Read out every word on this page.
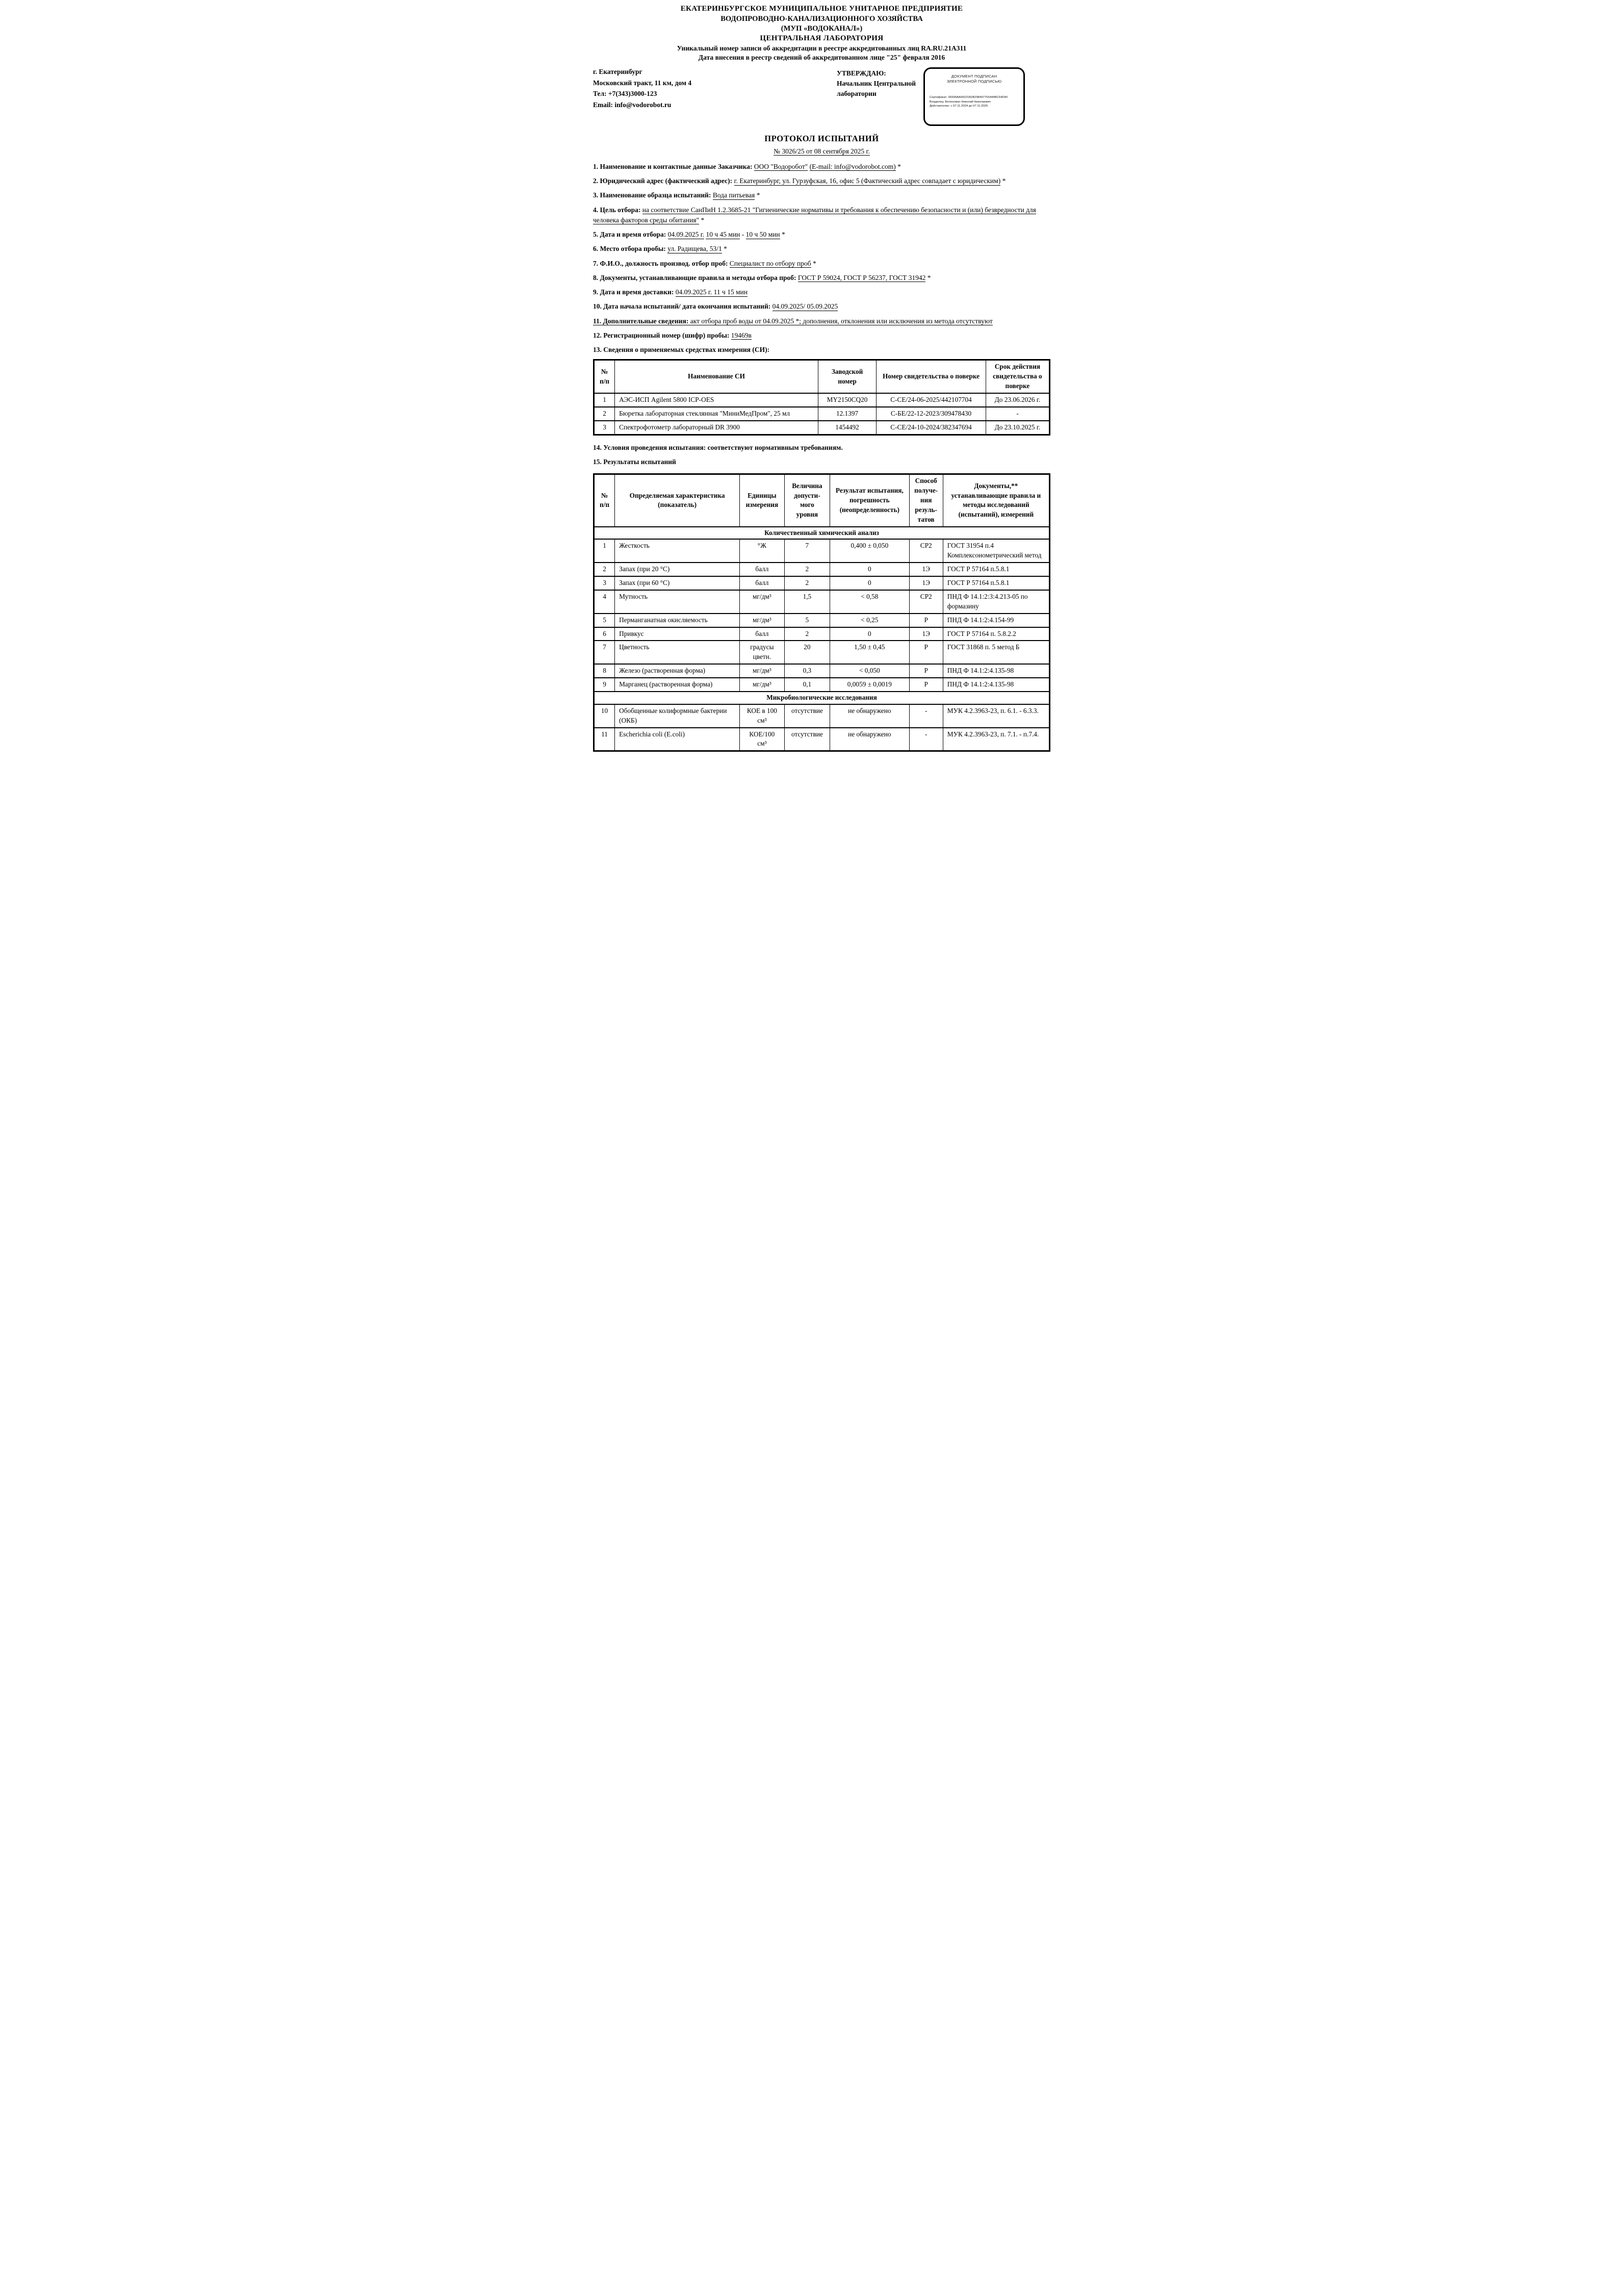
ЕКАТЕРИНБУРГСКОЕ МУНИЦИПАЛЬНОЕ УНИТАРНОЕ ПРЕДПРИЯТИЕ
ВОДОПРОВОДНО-КАНАЛИЗАЦИОННОГО ХОЗЯЙСТВА
(МУП «ВОДОКАНАЛ»)
ЦЕНТРАЛЬНАЯ ЛАБОРАТОРИЯ
Уникальный номер записи об аккредитации в реестре аккредитованных лиц RA.RU.21А311
Дата внесения в реестр сведений об аккредитованном лице "25" февраля 2016
г. Екатеринбург
Московский тракт, 11 км, дом 4
Тел: +7(343)3000-123
Email: info@vodorobot.ru
УТВЕРЖДАЮ:
Начальник Центральной
лаборатории
ДОКУМЕНТ ПОДПИСАН
ЭЛЕКТРОННОЙ ПОДПИСЬЮ
Сертификат: 05999AA00021B2B298497755444BC54D40
Владелец: Белоножко Николай Николаевич
Действителен: с 07.11.2024 до 07.11.2025
ПРОТОКОЛ ИСПЫТАНИЙ
№ 3026/25 от 08 сентября 2025 г.

1. Наименование и контактные данные Заказчика: ООО "Водоробот" (E-mail: info@vodorobot.com) *

2. Юридический адрес (фактический адрес): г. Екатеринбург, ул. Гурзуфская, 16, офис 5 (Фактический адрес совпадает с юридическим) *

3. Наименование образца испытаний: Вода питьевая *

4. Цель отбора: на соответствие СанПиН 1.2.3685-21 "Гигиенические нормативы и требования к обеспечению безопасности и (или) безвредности для человека факторов среды обитания" *

5. Дата и время отбора: 04.09.2025 г. 10 ч 45 мин - 10 ч 50 мин *

6. Место отбора пробы: ул. Радищева, 53/1 *

7. Ф.И.О., должность производ. отбор проб: Специалист по отбору проб *

8. Документы, устанавливающие правила и методы отбора проб: ГОСТ Р 59024, ГОСТ Р 56237, ГОСТ 31942 *

9. Дата и время доставки: 04.09.2025 г. 11 ч 15 мин

10. Дата начала испытаний/ дата окончания испытаний: 04.09.2025/ 05.09.2025

11. Дополнительные сведения: акт отбора проб воды от 04.09.2025 *; дополнения, отклонения или исключения из метода отсутствуют

12. Регистрационный номер (шифр) пробы: 19469в

13. Сведения о применяемых средствах измерения (СИ):

№ п/п	Наименование СИ	Заводской номер	Номер свидетельства о поверке	Срок действия свидетельства о поверке
1	АЭС-ИСП Agilent 5800 ICP-OES	MY2150CQ20	С-СЕ/24-06-2025/442107704	До 23.06.2026 г.
2	Бюретка лабораторная стеклянная "МиниМедПром", 25 мл	12.1397	С-БЕ/22-12-2023/309478430	-
3	Спектрофотометр лабораторный DR 3900	1454492	С-СЕ/24-10-2024/382347694	До 23.10.2025 г.

14. Условия проведения испытания: соответствуют нормативным требованиям.

15. Результаты испытаний

№ п/п	Определяемая характеристика (показатель)	Единицы измерения	Величина допусти-мого уровня	Результат испытания, погрешность (неопределенность)	Способ получе-ния резуль-татов	Документы,** устанавливающие правила и методы исследований (испытаний), измерений
Количественный химический анализ						
1	Жесткость	°Ж	7	0,400 ± 0,050	СР2	ГОСТ 31954 п.4 Комплексонометрический метод
2	Запах (при 20 °С)	балл	2	0	1Э	ГОСТ Р 57164 п.5.8.1
3	Запах (при 60 °С)	балл	2	0	1Э	ГОСТ Р 57164 п.5.8.1
4	Мутность	мг/дм³	1,5	< 0,58	СР2	ПНД Ф 14.1:2:3:4.213-05 по формазину
5	Перманганатная окисляемость	мг/дм³	5	< 0,25	Р	ПНД Ф 14.1:2:4.154-99
6	Привкус	балл	2	0	1Э	ГОСТ Р 57164 п. 5.8.2.2
7	Цветность	градусы цветн.	20	1,50 ± 0,45	Р	ГОСТ 31868 п. 5 метод Б
8	Железо (растворенная форма)	мг/дм³	0,3	< 0,050	Р	ПНД Ф 14.1:2:4.135-98
9	Марганец (растворенная форма)	мг/дм³	0,1	0,0059 ± 0,0019	Р	ПНД Ф 14.1:2:4.135-98
Микробиологические исследования						
10	Обобщенные колиформные бактерии (ОКБ)	КОЕ в 100 см³	отсутствие	не обнаружено	-	МУК 4.2.3963-23, п. 6.1. - 6.3.3.
11	Escherichia coli (E.coli)	КОЕ/100 см³	отсутствие	не обнаружено	-	МУК 4.2.3963-23, п. 7.1. - п.7.4.
